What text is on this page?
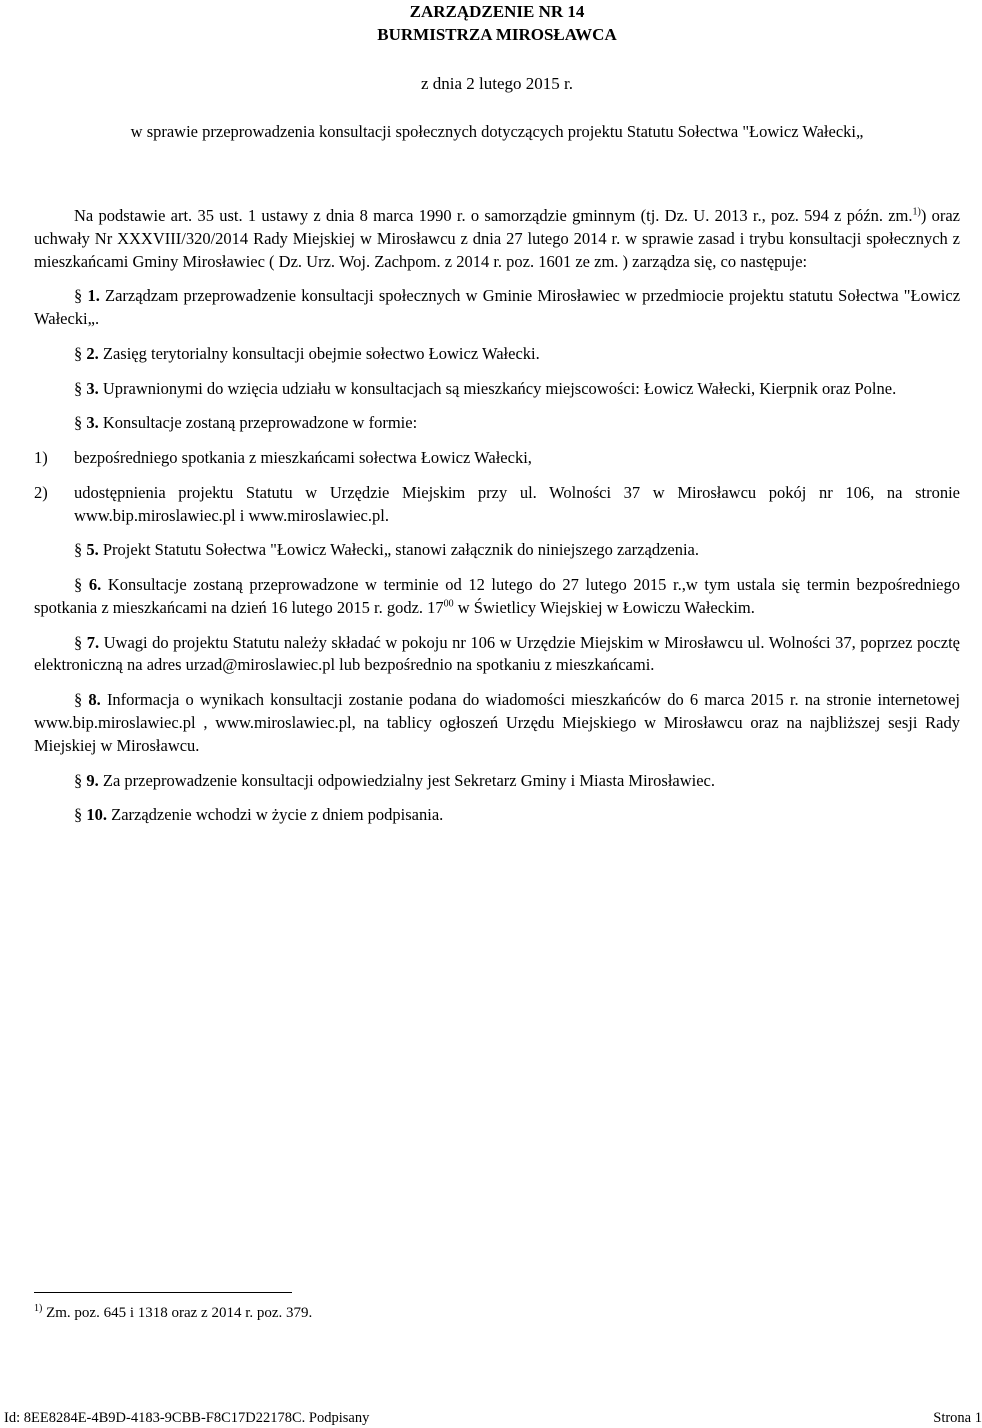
ZARZĄDZENIE NR 14
BURMISTRZA MIROSŁAWCA
z dnia 2 lutego 2015 r.
w sprawie przeprowadzenia konsultacji społecznych dotyczących projektu Statutu Sołectwa "Łowicz Wałecki„

Na podstawie art. 35 ust. 1 ustawy z dnia 8 marca 1990 r. o samorządzie gminnym (tj. Dz. U. 2013 r., poz. 594 z późn. zm.$^{1)}$) oraz uchwały Nr XXXVIII/320/2014 Rady Miejskiej w Mirosławcu z dnia 27 lutego 2014 r. w sprawie zasad i trybu konsultacji społecznych z mieszkańcami Gminy Mirosławiec ( Dz. Urz. Woj. Zachpom. z 2014 r. poz. 1601 ze zm. ) zarządza się, co następuje:

§ 1. Zarządzam przeprowadzenie konsultacji społecznych w Gminie Mirosławiec w przedmiocie projektu statutu Sołectwa "Łowicz Wałecki„.

§ 2. Zasięg terytorialny konsultacji obejmie sołectwo Łowicz Wałecki.

§ 3. Uprawnionymi do wzięcia udziału w konsultacjach są mieszkańcy miejscowości: Łowicz Wałecki, Kierpnik oraz Polne.

§ 3. Konsultacje zostaną przeprowadzone w formie:

1)	bezpośredniego spotkania z mieszkańcami sołectwa Łowicz Wałecki,
2)	udostępnienia projektu Statutu w Urzędzie Miejskim przy ul. Wolności 37 w Mirosławcu pokój nr 106, na stronie www.bip.miroslawiec.pl i www.miroslawiec.pl.

§ 5. Projekt Statutu Sołectwa "Łowicz Wałecki„ stanowi załącznik do niniejszego zarządzenia.

§ 6. Konsultacje zostaną przeprowadzone w terminie od 12 lutego do 27 lutego 2015 r.,w tym ustala się termin bezpośredniego spotkania z mieszkańcami na dzień 16 lutego 2015 r. godz. $17^{00}$ w Świetlicy Wiejskiej w Łowiczu Wałeckim.

§ 7. Uwagi do projektu Statutu należy składać w pokoju nr 106 w Urzędzie Miejskim w Mirosławcu ul. Wolności 37, poprzez pocztę elektroniczną na adres urzad@miroslawiec.pl lub bezpośrednio na spotkaniu z mieszkańcami.

§ 8. Informacja o wynikach konsultacji zostanie podana do wiadomości mieszkańców do 6 marca 2015 r. na stronie internetowej www.bip.miroslawiec.pl , www.miroslawiec.pl, na tablicy ogłoszeń Urzędu Miejskiego w Mirosławcu oraz na najbliższej sesji Rady Miejskiej w Mirosławcu.

§ 9. Za przeprowadzenie konsultacji odpowiedzialny jest Sekretarz Gminy i Miasta Mirosławiec.

§ 10. Zarządzenie wchodzi w życie z dniem podpisania.

$^{1)}$ Zm. poz. 645 i 1318 oraz z 2014 r. poz. 379.
Id: 8EE8284E-4B9D-4183-9CBB-F8C17D22178C. Podpisany	Strona 1
